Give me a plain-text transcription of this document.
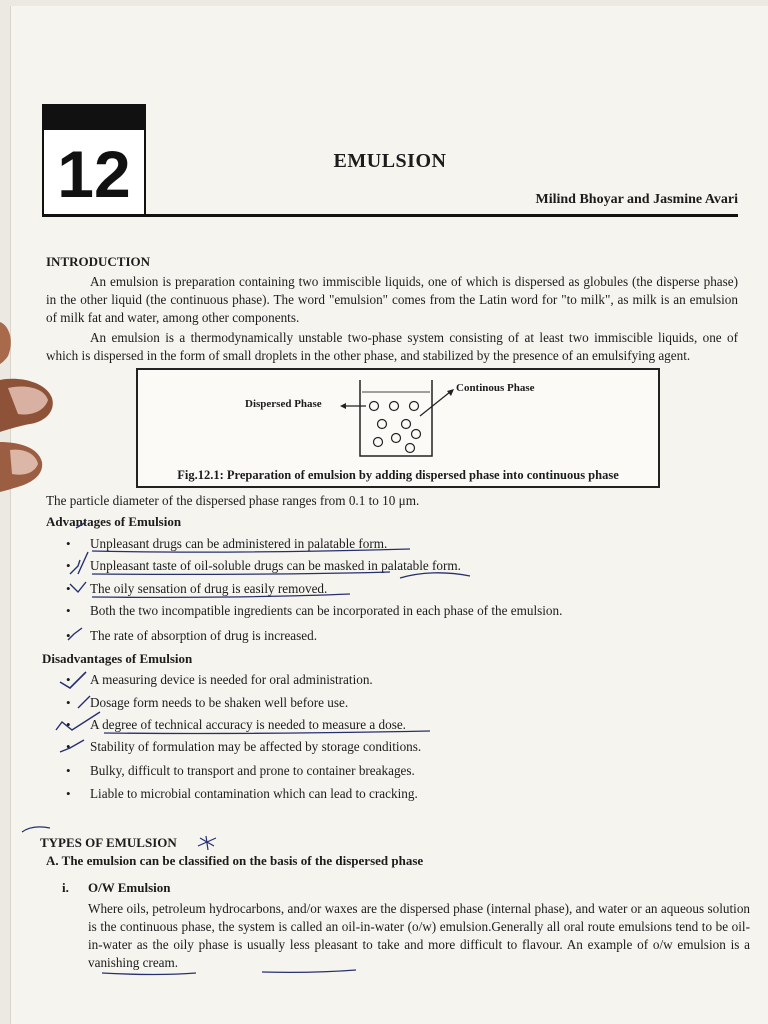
12	EMULSION
Milind Bhoyar and Jasmine Avari
INTRODUCTION
An emulsion is preparation containing two immiscible liquids, one of which is dispersed as globules (the disperse phase) in the other liquid (the continuous phase). The word "emulsion" comes from the Latin word for "to milk", as milk is an emulsion of milk fat and water, among other components.
An emulsion is a thermodynamically unstable two-phase system consisting of at least two immiscible liquids, one of which is dispersed in the form of small droplets in the other phase, and stabilized by the presence of an emulsifying agent.
Dispersed Phase
Continous Phase
Fig.12.1: Preparation of emulsion by adding dispersed phase into continuous phase
The particle diameter of the dispersed phase ranges from 0.1 to 10 μm.
Advantages of Emulsion
• Unpleasant drugs can be administered in palatable form.
• Unpleasant taste of oil-soluble drugs can be masked in palatable form.
• The oily sensation of drug is easily removed.
• Both the two incompatible ingredients can be incorporated in each phase of the emulsion.
• The rate of absorption of drug is increased.
Disadvantages of Emulsion
• A measuring device is needed for oral administration.
• Dosage form needs to be shaken well before use.
• A degree of technical accuracy is needed to measure a dose.
• Stability of formulation may be affected by storage conditions.
• Bulky, difficult to transport and prone to container breakages.
• Liable to microbial contamination which can lead to cracking.
TYPES OF EMULSION
A. The emulsion can be classified on the basis of the dispersed phase
i. O/W Emulsion
Where oils, petroleum hydrocarbons, and/or waxes are the dispersed phase (internal phase), and water or an aqueous solution is the continuous phase, the system is called an oil-in-water (o/w) emulsion.Generally all oral route emulsions tend to be oil-in-water as the oily phase is usually less pleasant to take and more difficult to flavour. An example of o/w emulsion is a vanishing cream.
